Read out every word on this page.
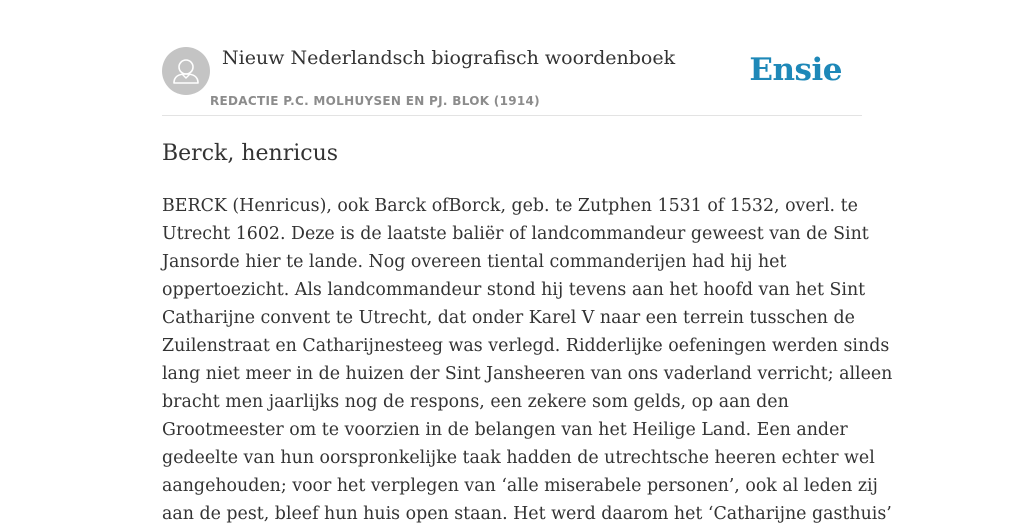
Nieuw Nederlandsch biografisch woordenboek
REDACTIE P.C. MOLHUYSEN EN PJ. BLOK (1914)
Ensie
Berck, henricus

BERCK (Henricus), ook Barck ofBorck, geb. te Zutphen 1531 of 1532, overl. te
Utrecht 1602. Deze is de laatste baliër of landcommandeur geweest van de Sint
Jansorde hier te lande. Nog overeen tiental commanderijen had hij het
oppertoezicht. Als landcommandeur stond hij tevens aan het hoofd van het Sint
Catharijne convent te Utrecht, dat onder Karel V naar een terrein tusschen de
Zuilenstraat en Catharijnesteeg was verlegd. Ridderlijke oefeningen werden sinds
lang niet meer in de huizen der Sint Jansheeren van ons vaderland verricht; alleen
bracht men jaarlijks nog de respons, een zekere som gelds, op aan den
Grootmeester om te voorzien in de belangen van het Heilige Land. Een ander
gedeelte van hun oorspronkelijke taak hadden de utrechtsche heeren echter wel
aangehouden; voor het verplegen van ‘alle miserabele personen’, ook al leden zij
aan de pest, bleef hun huis open staan. Het werd daarom het ‘Catharijne gasthuis’
